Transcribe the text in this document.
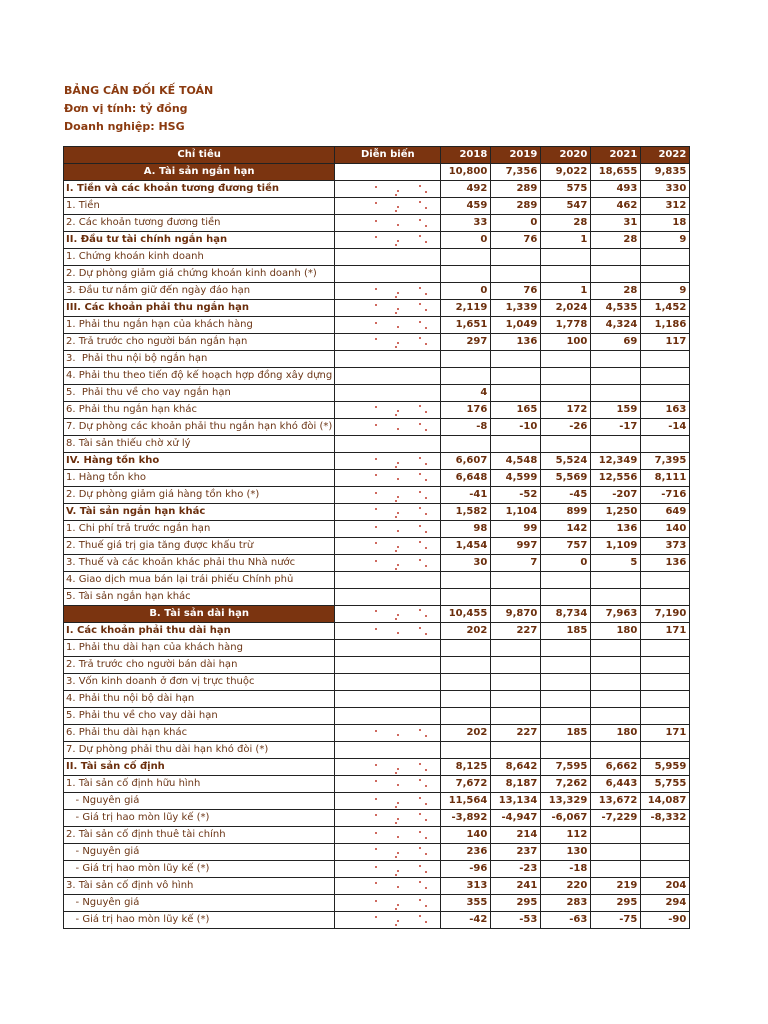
BẢNG CÂN ĐỐI KẾ TOÁN
Đơn vị tính: tỷ đồng
Doanh nghiệp: HSG
Chỉ tiêu	Diễn biến	2018	2019	2020	2021	2022
A. Tài sản ngắn hạn		10,800	7,356	9,022	18,655	9,835
I. Tiền và các khoản tương đương tiền		492	289	575	493	330
1. Tiền		459	289	547	462	312
2. Các khoản tương đương tiền		33	0	28	31	18
II. Đầu tư tài chính ngắn hạn		0	76	1	28	9
1. Chứng khoán kinh doanh						
2. Dự phòng giảm giá chứng khoán kinh doanh (*)						
3. Đầu tư nắm giữ đến ngày đáo hạn		0	76	1	28	9
III. Các khoản phải thu ngắn hạn		2,119	1,339	2,024	4,535	1,452
1. Phải thu ngắn hạn của khách hàng		1,651	1,049	1,778	4,324	1,186
2. Trả trước cho người bán ngắn hạn		297	136	100	69	117
3.  Phải thu nội bộ ngắn hạn						
4. Phải thu theo tiến độ kế hoạch hợp đồng xây dựng						
5.  Phải thu về cho vay ngắn hạn		4				
6. Phải thu ngắn hạn khác		176	165	172	159	163
7. Dự phòng các khoản phải thu ngắn hạn khó đòi (*)		-8	-10	-26	-17	-14
8. Tài sản thiếu chờ xử lý						
IV. Hàng tồn kho		6,607	4,548	5,524	12,349	7,395
1. Hàng tồn kho		6,648	4,599	5,569	12,556	8,111
2. Dự phòng giảm giá hàng tồn kho (*)		-41	-52	-45	-207	-716
V. Tài sản ngắn hạn khác		1,582	1,104	899	1,250	649
1. Chi phí trả trước ngắn hạn		98	99	142	136	140
2. Thuế giá trị gia tăng được khấu trừ		1,454	997	757	1,109	373
3. Thuế và các khoản khác phải thu Nhà nước		30	7	0	5	136
4. Giao dịch mua bán lại trái phiếu Chính phủ						
5. Tài sản ngắn hạn khác						
B. Tài sản dài hạn		10,455	9,870	8,734	7,963	7,190
I. Các khoản phải thu dài hạn		202	227	185	180	171
1. Phải thu dài hạn của khách hàng						
2. Trả trước cho người bán dài hạn						
3. Vốn kinh doanh ở đơn vị trực thuộc						
4. Phải thu nội bộ dài hạn						
5. Phải thu về cho vay dài hạn						
6. Phải thu dài hạn khác		202	227	185	180	171
7. Dự phòng phải thu dài hạn khó đòi (*)						
II. Tài sản cố định		8,125	8,642	7,595	6,662	5,959
1. Tài sản cố định hữu hình		7,672	8,187	7,262	6,443	5,755
- Nguyên giá		11,564	13,134	13,329	13,672	14,087
- Giá trị hao mòn lũy kế (*)		-3,892	-4,947	-6,067	-7,229	-8,332
2. Tài sản cố định thuê tài chính		140	214	112		
- Nguyên giá		236	237	130		
- Giá trị hao mòn lũy kế (*)		-96	-23	-18		
3. Tài sản cố định vô hình		313	241	220	219	204
- Nguyên giá		355	295	283	295	294
- Giá trị hao mòn lũy kế (*)		-42	-53	-63	-75	-90
